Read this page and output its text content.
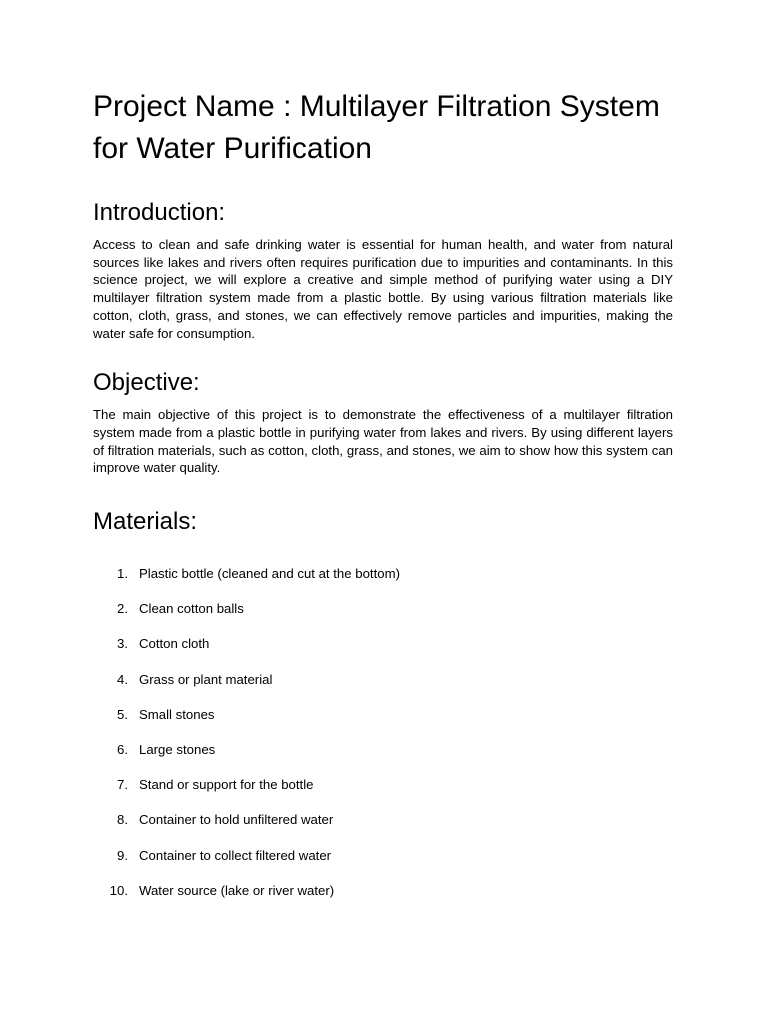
Project Name : Multilayer Filtration System for Water Purification
Introduction:

Access to clean and safe drinking water is essential for human health, and water from natural sources like lakes and rivers often requires purification due to impurities and contaminants. In this science project, we will explore a creative and simple method of purifying water using a DIY multilayer filtration system made from a plastic bottle. By using various filtration materials like cotton, cloth, grass, and stones, we can effectively remove particles and impurities, making the water safe for consumption.

Objective:

The main objective of this project is to demonstrate the effectiveness of a multilayer filtration system made from a plastic bottle in purifying water from lakes and rivers. By using different layers of filtration materials, such as cotton, cloth, grass, and stones, we aim to show how this system can improve water quality.

Materials:
1. Plastic bottle (cleaned and cut at the bottom)
2. Clean cotton balls
3. Cotton cloth
4. Grass or plant material
5. Small stones
6. Large stones
7. Stand or support for the bottle
8. Container to hold unfiltered water
9. Container to collect filtered water
10. Water source (lake or river water)
